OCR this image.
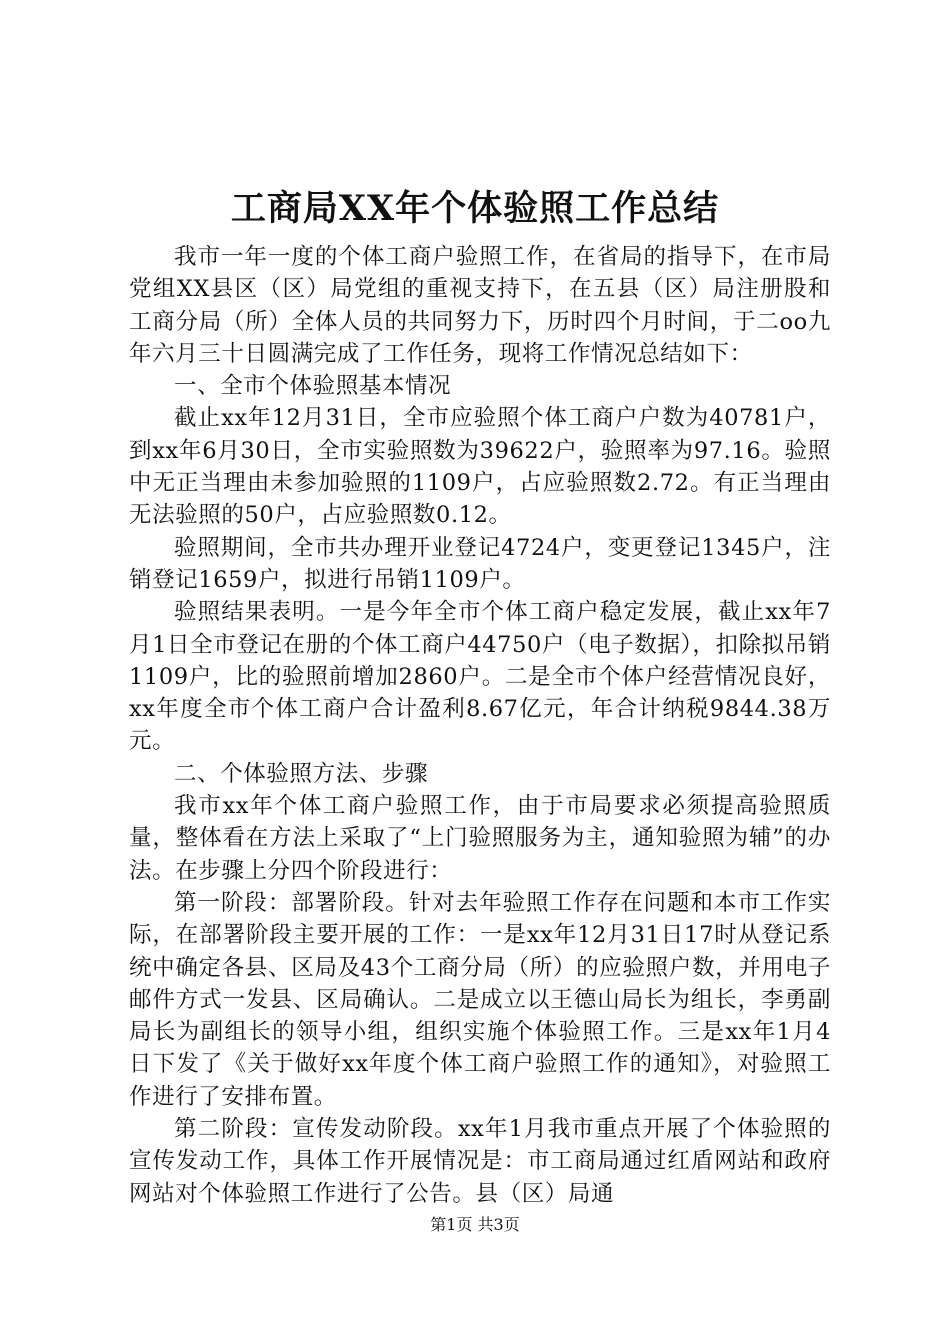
工商局XX年个体验照工作总结

我市一年一度的个体工商户验照工作，在省局的指导下，在市局党组XX县区（区）局党组的重视支持下，在五县（区）局注册股和工商分局（所）全体人员的共同努力下，历时四个月时间，于二oo九年六月三十日圆满完成了工作任务，现将工作情况总结如下：

一、全市个体验照基本情况

截止xx年12月31日，全市应验照个体工商户户数为40781户，到xx年6月30日，全市实验照数为39622户，验照率为97.16。验照中无正当理由未参加验照的1109户，占应验照数2.72。有正当理由无法验照的50户，占应验照数0.12。

验照期间，全市共办理开业登记4724户，变更登记1345户，注销登记1659户，拟进行吊销1109户。

验照结果表明。一是今年全市个体工商户稳定发展，截止xx年7月1日全市登记在册的个体工商户44750户（电子数据），扣除拟吊销1109户，比的验照前增加2860户。二是全市个体户经营情况良好，xx年度全市个体工商户合计盈利8.67亿元，年合计纳税9844.38万元。

二、个体验照方法、步骤

我市xx年个体工商户验照工作，由于市局要求必须提高验照质量，整体看在方法上采取了“上门验照服务为主，通知验照为辅”的办法。在步骤上分四个阶段进行：

第一阶段：部署阶段。针对去年验照工作存在问题和本市工作实际，在部署阶段主要开展的工作：一是xx年12月31日17时从登记系统中确定各县、区局及43个工商分局（所）的应验照户数，并用电子邮件方式一发县、区局确认。二是成立以王德山局长为组长，李勇副局长为副组长的领导小组，组织实施个体验照工作。三是xx年1月4日下发了《关于做好xx年度个体工商户验照工作的通知》，对验照工作进行了安排布置。

第二阶段：宣传发动阶段。xx年1月我市重点开展了个体验照的宣传发动工作，具体工作开展情况是：市工商局通过红盾网站和政府网站对个体验照工作进行了公告。县（区）局通

第1页 共3页
